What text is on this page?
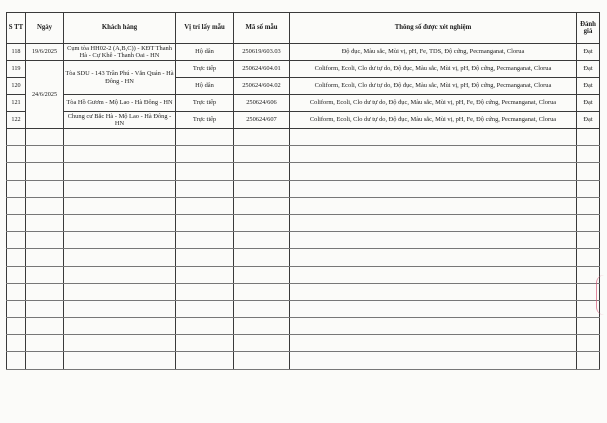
S TT	Ngày	Khách hàng	Vị trí lấy mẫu	Mã số mẫu	Thông số được xét nghiệm	Đánh giá
118	19/6/2025	Cụm tòa HH02-2 (A,B,C)) - KĐT Thanh Hà - Cự Khê - Thanh Oai - HN	Hộ dân	250619/603.03	Độ đục, Màu sắc, Mùi vị, pH, Fe, TDS, Độ cứng, Pecmanganat, Clorua	Đạt
119	24/6/2025	Tòa SDU - 143 Trần Phú - Văn Quán - Hà Đông - HN	Trực tiếp	250624/604.01	Coliform, Ecoli, Clo dư tự do, Độ đục, Màu sắc, Mùi vị, pH, Độ cứng, Pecmanganat, Clorua	Đạt
120			Hộ dân	250624/604.02	Coliform, Ecoli, Clo dư tự do, Độ đục, Màu sắc, Mùi vị, pH, Độ cứng, Pecmanganat, Clorua	Đạt
121		Tòa Hồ Gươm - Mộ Lao - Hà Đông - HN	Trực tiếp	250624/606	Coliform, Ecoli, Clo dư tự do, Độ đục, Màu sắc, Mùi vị, pH, Fe, Độ cứng, Pecmanganat, Clorua	Đạt
122		Chung cư Bắc Hà - Mộ Lao - Hà Đông - HN	Trực tiếp	250624/607	Coliform, Ecoli, Clo dư tự do, Độ đục, Màu sắc, Mùi vị, pH, Fe, Độ cứng, Pecmanganat, Clorua	Đạt
